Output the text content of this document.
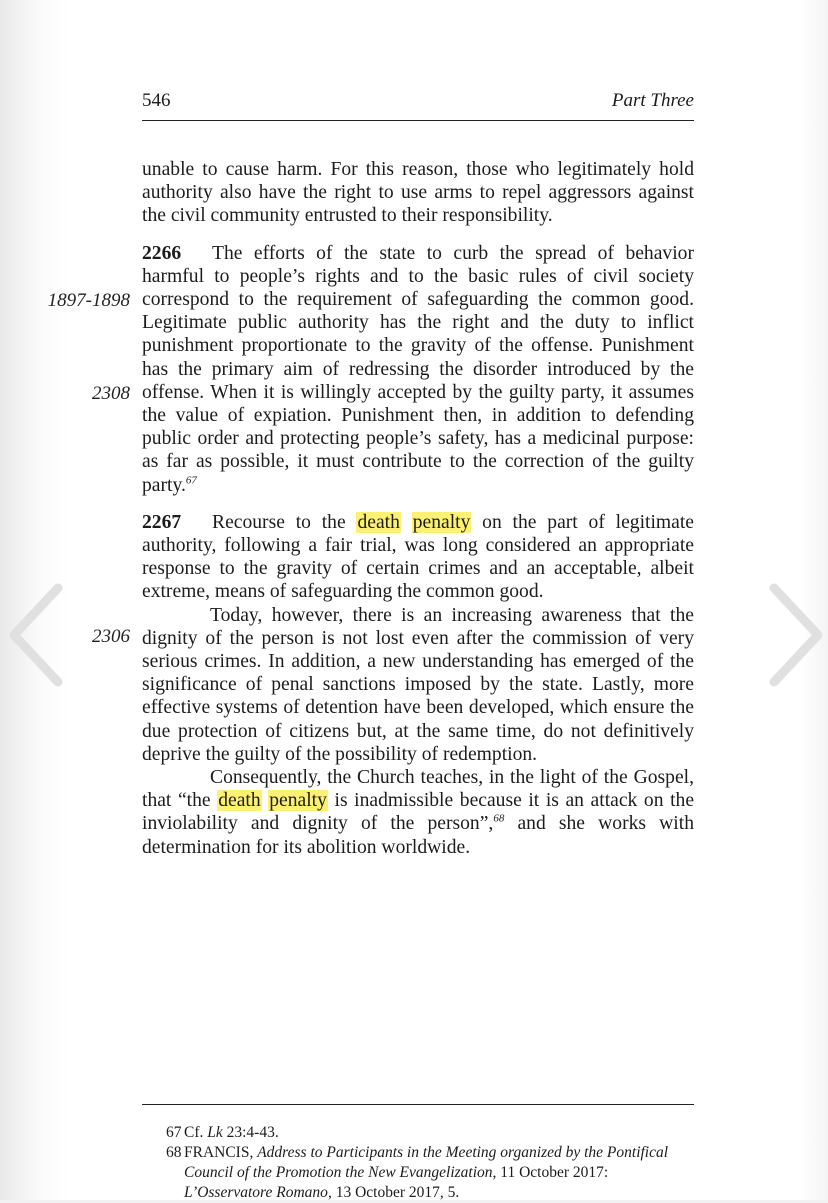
546	Part Three
1897-1898
2308
2306

unable to cause harm. For this reason, those who legitimately hold authority also have the right to use arms to repel aggressors against the civil community entrusted to their responsibility.

2266 The efforts of the state to curb the spread of behavior harmful to people’s rights and to the basic rules of civil society correspond to the requirement of safeguarding the common good. Legitimate public authority has the right and the duty to inflict punishment proportionate to the gravity of the offense. Punishment has the primary aim of redressing the disorder introduced by the offense. When it is willingly accepted by the guilty party, it assumes the value of expiation. Punishment then, in addition to defending public order and protecting people’s safety, has a medicinal purpose: as far as possible, it must contribute to the correction of the guilty party.$^{67}$

2267 Recourse to the death penalty on the part of legitimate authority, following a fair trial, was long considered an appropriate response to the gravity of certain crimes and an acceptable, albeit extreme, means of safeguarding the common good.

Today, however, there is an increasing awareness that the dignity of the person is not lost even after the commission of very serious crimes. In addition, a new understanding has emerged of the significance of penal sanctions imposed by the state. Lastly, more effective systems of detention have been developed, which ensure the due protection of citizens but, at the same time, do not definitively deprive the guilty of the possibility of redemption.

Consequently, the Church teaches, in the light of the Gospel, that “the death penalty is inadmissible because it is an attack on the inviolability and dignity of the person”,$^{68}$ and she works with determination for its abolition worldwide.

67 Cf. Lk 23:4-43.
68 FRANCIS, Address to Participants in the Meeting organized by the Pontifical Council of the Promotion the New Evangelization, 11 October 2017: L’Osservatore Romano, 13 October 2017, 5.
